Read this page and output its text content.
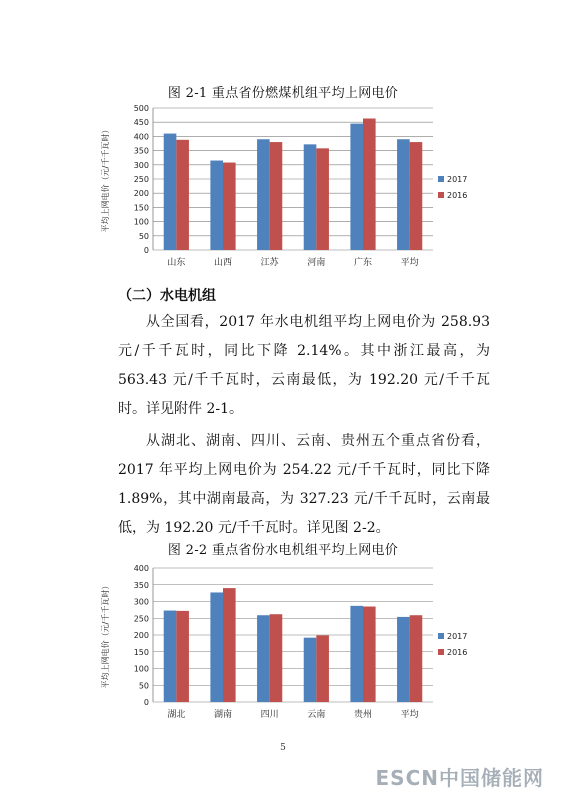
图 2-1 重点省份燃煤机组平均上网电价
0
50
100
150
200
250
300
350
400
450
500
平均上网电价（元/千千瓦时）
山东	山西	江苏	河南	广东	平均
2017
2016
（二）水电机组

从全国看，2017 年水电机组平均上网电价为 258.93 元/千千瓦时，同比下降 2.14%。其中浙江最高，为 563.43 元/千千瓦时，云南最低，为 192.20 元/千千瓦时。详见附件 2-1。

从湖北、湖南、四川、云南、贵州五个重点省份看，2017 年平均上网电价为 254.22 元/千千瓦时，同比下降 1.89%，其中湖南最高，为 327.23 元/千千瓦时，云南最低，为 192.20 元/千千瓦时。详见图 2-2。

图 2-2 重点省份水电机组平均上网电价
0
50
100
150
200
250
300
350
400
平均上网电价（元/千千瓦时）
湖北	湖南	四川	云南	贵州	平均
2017
2016
5
ESCN中国储能网
